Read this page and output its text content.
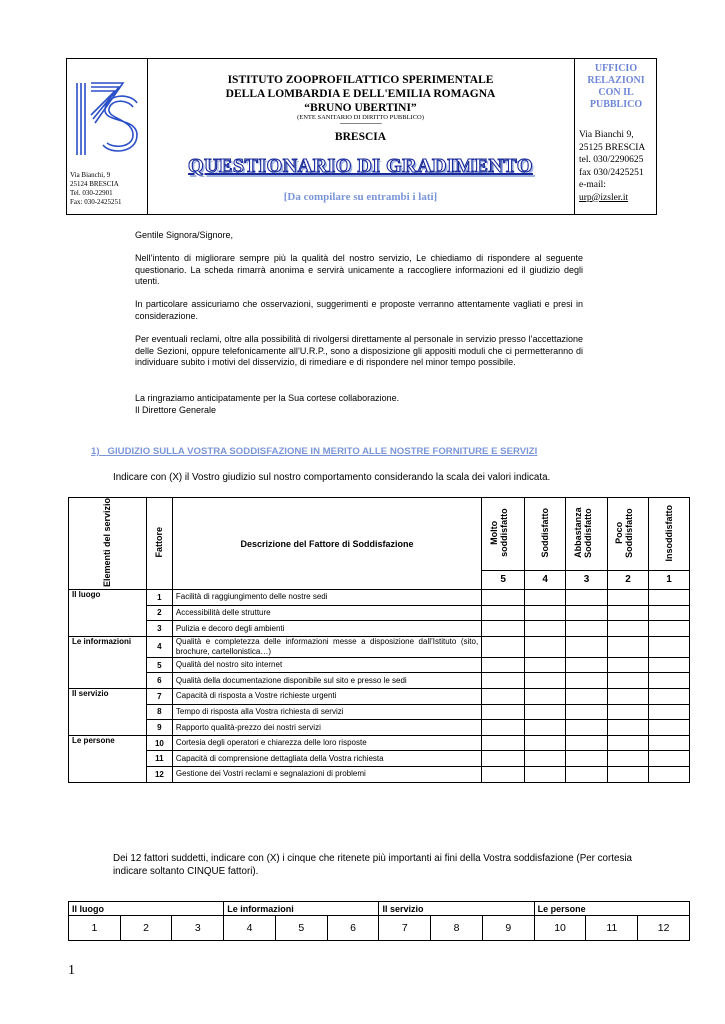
Via Bianchi, 9
25124 BRESCIA
Tel. 030-22901
Fax: 030-2425251
ISTITUTO ZOOPROFILATTICO SPERIMENTALE
DELLA LOMBARDIA E DELL'EMILIA ROMAGNA
“BRUNO UBERTINI”
(ENTE SANITARIO DI DIRITTO PUBBLICO)
-----------------------------------------
BRESCIA
QUESTIONARIO DI GRADIMENTO
[Da compilare su entrambi i lati]
UFFICIO
RELAZIONI
CON IL
PUBBLICO
Via Bianchi 9,
25125 BRESCIA
tel. 030/2290625
fax 030/2425251
e-mail:
urp@izsler.it
Gentile Signora/Signore,
Nell’intento di migliorare sempre più la qualità del nostro servizio, Le chiediamo di rispondere al seguente questionario. La scheda rimarrà anonima e servirà unicamente a raccogliere informazioni ed il giudizio degli utenti.
In particolare assicuriamo che osservazioni, suggerimenti e proposte verranno attentamente vagliati e presi in considerazione.
Per eventuali reclami, oltre alla possibilità di rivolgersi direttamente al personale in servizio presso l’accettazione delle Sezioni, oppure telefonicamente all’U.R.P., sono a disposizione gli appositi moduli che ci permetteranno di individuare subito i motivi del disservizio, di rimediare e di rispondere nel minor tempo possibile.
La ringraziamo anticipatamente per la Sua cortese collaborazione.
Il Direttore Generale
1) GIUDIZIO SULLA VOSTRA SODDISFAZIONE IN MERITO ALLE NOSTRE FORNITURE E SERVIZI
Indicare con (X) il Vostro giudizio sul nostro comportamento considerando la scala dei valori indicata.
Elementi del servizio	Fattore	Descrizione del Fattore di Soddisfazione	Molto soddisfatto	Soddisfatto	Abbastanza Soddisfatto	Poco Soddisfatto	Insoddisfatto
			5	4	3	2	1
Il luogo	1	Facilità di raggiungimento delle nostre sedi					
	2	Accessibilità delle strutture					
	3	Pulizia e decoro degli ambienti					
Le informazioni	4	Qualità e completezza delle informazioni messe a disposizione dall’Istituto (sito, brochure, cartellonistica…)					
	5	Qualità del nostro sito internet					
	6	Qualità della documentazione disponibile sul sito e presso le sedi					
Il servizio	7	Capacità di risposta a Vostre richieste urgenti					
	8	Tempo di risposta alla Vostra richiesta di servizi					
	9	Rapporto qualità-prezzo dei nostri servizi					
Le persone	10	Cortesia degli operatori e chiarezza delle loro risposte					
	11	Capacità di comprensione dettagliata della Vostra richiesta					
	12	Gestione dei Vostri reclami e segnalazioni di problemi					
Dei 12 fattori suddetti, indicare con (X) i cinque che ritenete più importanti ai fini della Vostra soddisfazione (Per cortesia indicare soltanto CINQUE fattori).
Il luogo			Le informazioni			Il servizio			Le persone		
1	2	3	4	5	6	7	8	9	10	11	12
1
